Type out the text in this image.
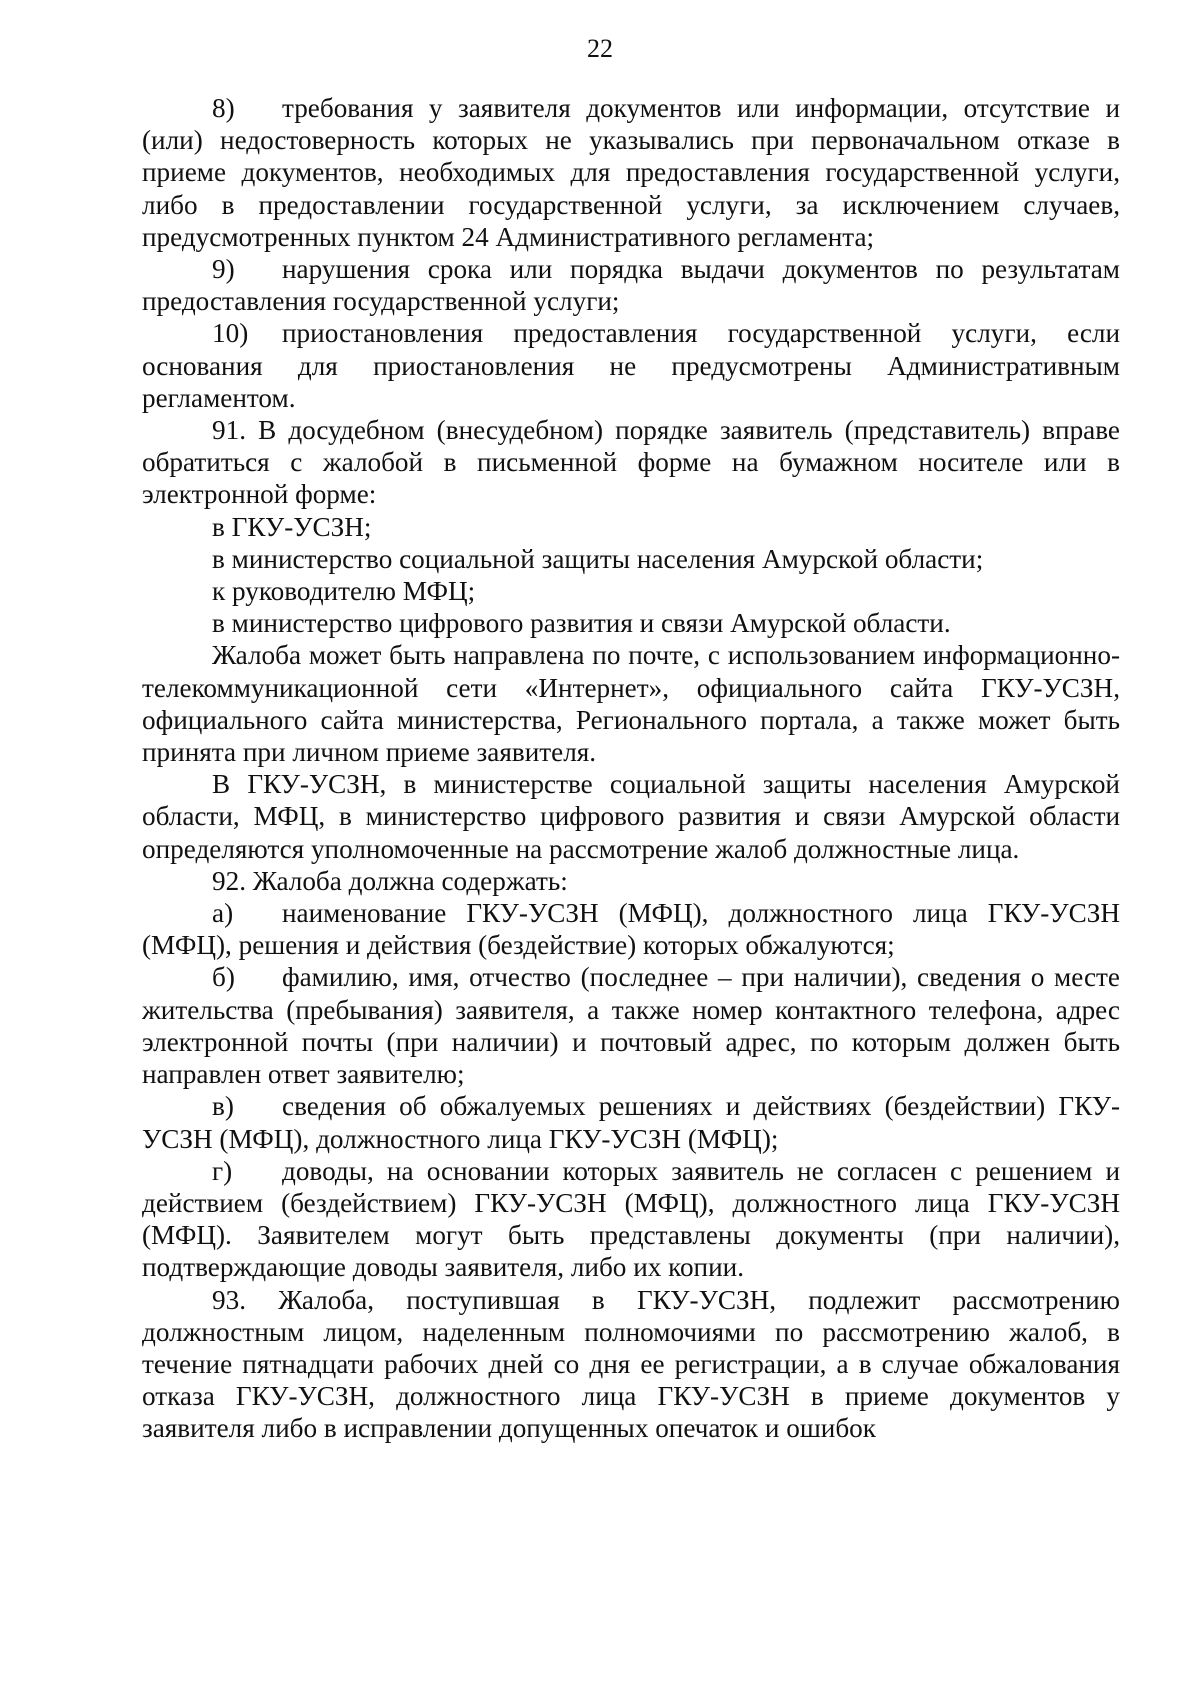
22

8) требования у заявителя документов или информации, отсутствие и (или) недостоверность которых не указывались при первоначальном отказе в приеме документов, необходимых для предоставления государственной услуги, либо в предоставлении государственной услуги, за исключением случаев, предусмотренных пунктом 24 Административного регламента;

9) нарушения срока или порядка выдачи документов по результатам предоставления государственной услуги;

10) приостановления предоставления государственной услуги, если основания для приостановления не предусмотрены Административным регламентом.

91. В досудебном (внесудебном) порядке заявитель (представитель) вправе обратиться с жалобой в письменной форме на бумажном носителе или в электронной форме:

в ГКУ-УСЗН;

в министерство социальной защиты населения Амурской области;

к руководителю МФЦ;

в министерство цифрового развития и связи Амурской области.

Жалоба может быть направлена по почте, с использованием информационно-телекоммуникационной сети «Интернет», официального сайта ГКУ-УСЗН, официального сайта министерства, Регионального портала, а также может быть принята при личном приеме заявителя.

В ГКУ-УСЗН, в министерстве социальной защиты населения Амурской области, МФЦ, в министерство цифрового развития и связи Амурской области определяются уполномоченные на рассмотрение жалоб должностные лица.

92. Жалоба должна содержать:

а) наименование ГКУ-УСЗН (МФЦ), должностного лица ГКУ-УСЗН (МФЦ), решения и действия (бездействие) которых обжалуются;

б) фамилию, имя, отчество (последнее – при наличии), сведения о месте жительства (пребывания) заявителя, а также номер контактного телефона, адрес электронной почты (при наличии) и почтовый адрес, по которым должен быть направлен ответ заявителю;

в) сведения об обжалуемых решениях и действиях (бездействии) ГКУ-УСЗН (МФЦ), должностного лица ГКУ-УСЗН (МФЦ);

г) доводы, на основании которых заявитель не согласен с решением и действием (бездействием) ГКУ-УСЗН (МФЦ), должностного лица ГКУ-УСЗН (МФЦ). Заявителем могут быть представлены документы (при наличии), подтверждающие доводы заявителя, либо их копии.

93. Жалоба, поступившая в ГКУ-УСЗН, подлежит рассмотрению должностным лицом, наделенным полномочиями по рассмотрению жалоб, в течение пятнадцати рабочих дней со дня ее регистрации, а в случае обжалования отказа ГКУ-УСЗН, должностного лица ГКУ-УСЗН в приеме документов у заявителя либо в исправлении допущенных опечаток и ошибок
